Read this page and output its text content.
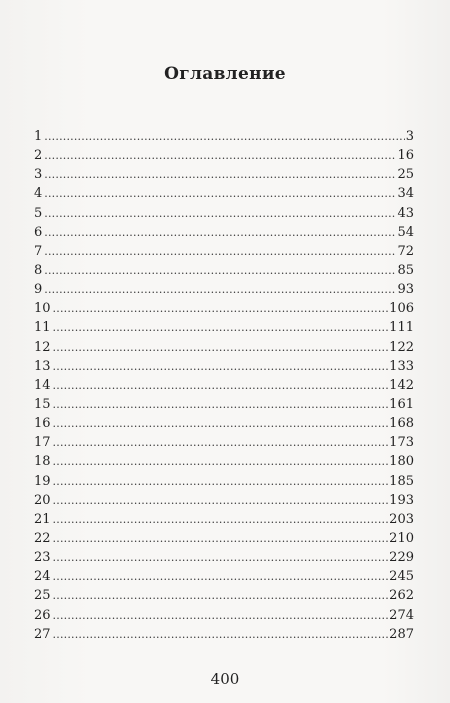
Оглавление
1 .....	3
2 .....	16
3 .....	25
4 .....	34
5 .....	43
6 .....	54
7 .....	72
8 .....	85
9 .....	93
10 .....	106
11 .....	111
12 .....	122
13 .....	133
14 .....	142
15 .....	161
16 .....	168
17 .....	173
18 .....	180
19 .....	185
20 .....	193
21 .....	203
22 .....	210
23 .....	229
24 .....	245
25 .....	262
26 .....	274
27 .....	287
400
